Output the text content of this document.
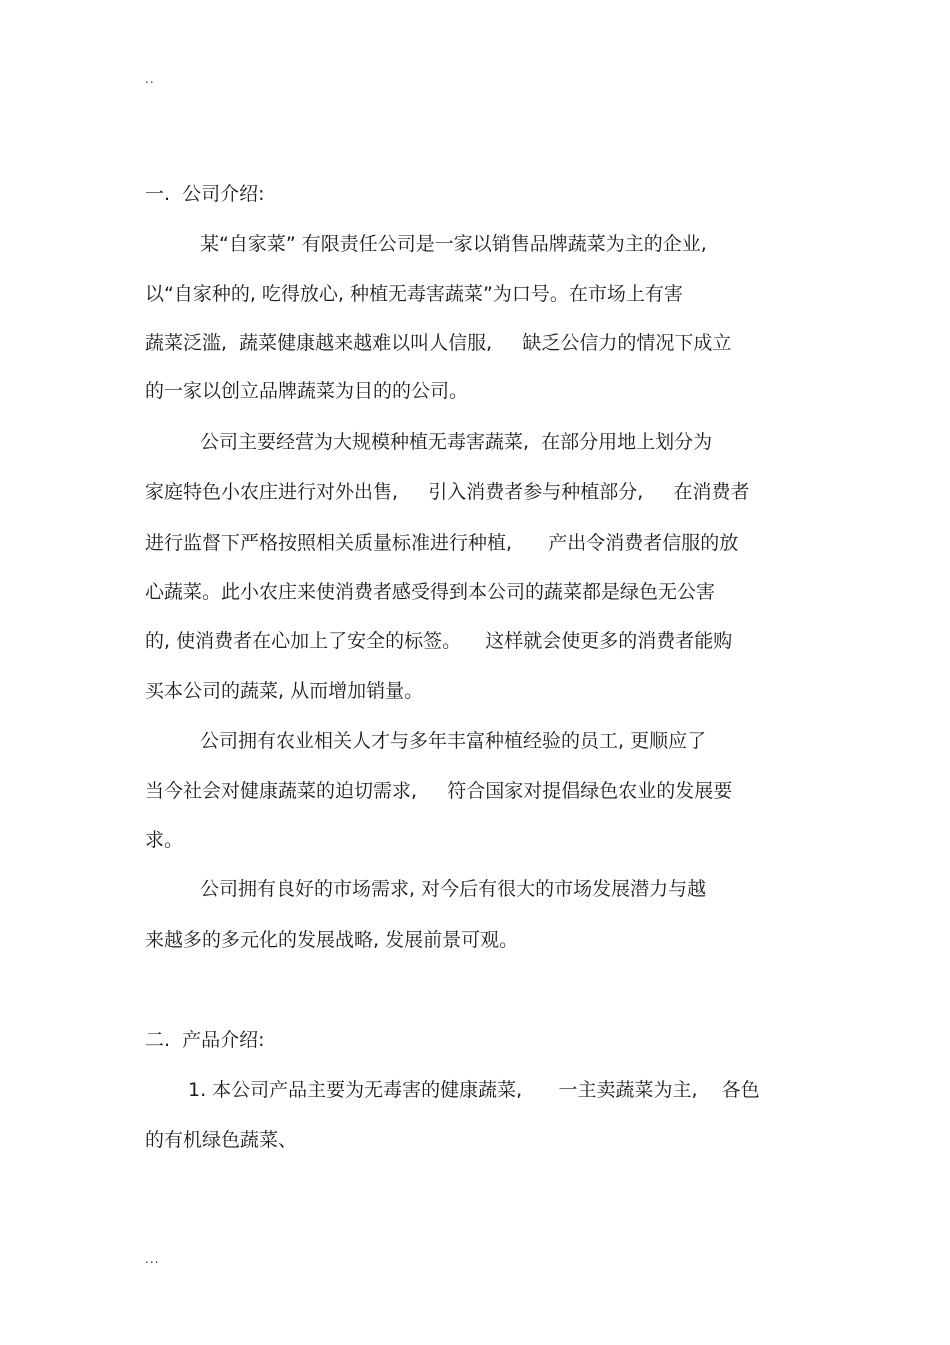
..
一.  公司介绍:
某“自家菜” 有限责任公司是一家以销售品牌蔬菜为主的企业,
以“自家种的, 吃得放心, 种植无毒害蔬菜”为口号。在市场上有害
蔬菜泛滥,  蔬菜健康越来越难以叫人信服,     缺乏公信力的情况下成立
的一家以创立品牌蔬菜为目的的公司。
公司主要经营为大规模种植无毒害蔬菜,  在部分用地上划分为
家庭特色小农庄进行对外出售,     引入消费者参与种植部分,     在消费者
进行监督下严格按照相关质量标准进行种植,      产出令消费者信服的放
心蔬菜。此小农庄来使消费者感受得到本公司的蔬菜都是绿色无公害
的, 使消费者在心加上了安全的标签。    这样就会使更多的消费者能购
买本公司的蔬菜, 从而增加销量。
公司拥有农业相关人才与多年丰富种植经验的员工, 更顺应了
当今社会对健康蔬菜的迫切需求,     符合国家对提倡绿色农业的发展要
求。
公司拥有良好的市场需求, 对今后有很大的市场发展潜力与越
来越多的多元化的发展战略, 发展前景可观。
二.  产品介绍:
1. 本公司产品主要为无毒害的健康蔬菜,      一主卖蔬菜为主,    各色
的有机绿色蔬菜、
...
